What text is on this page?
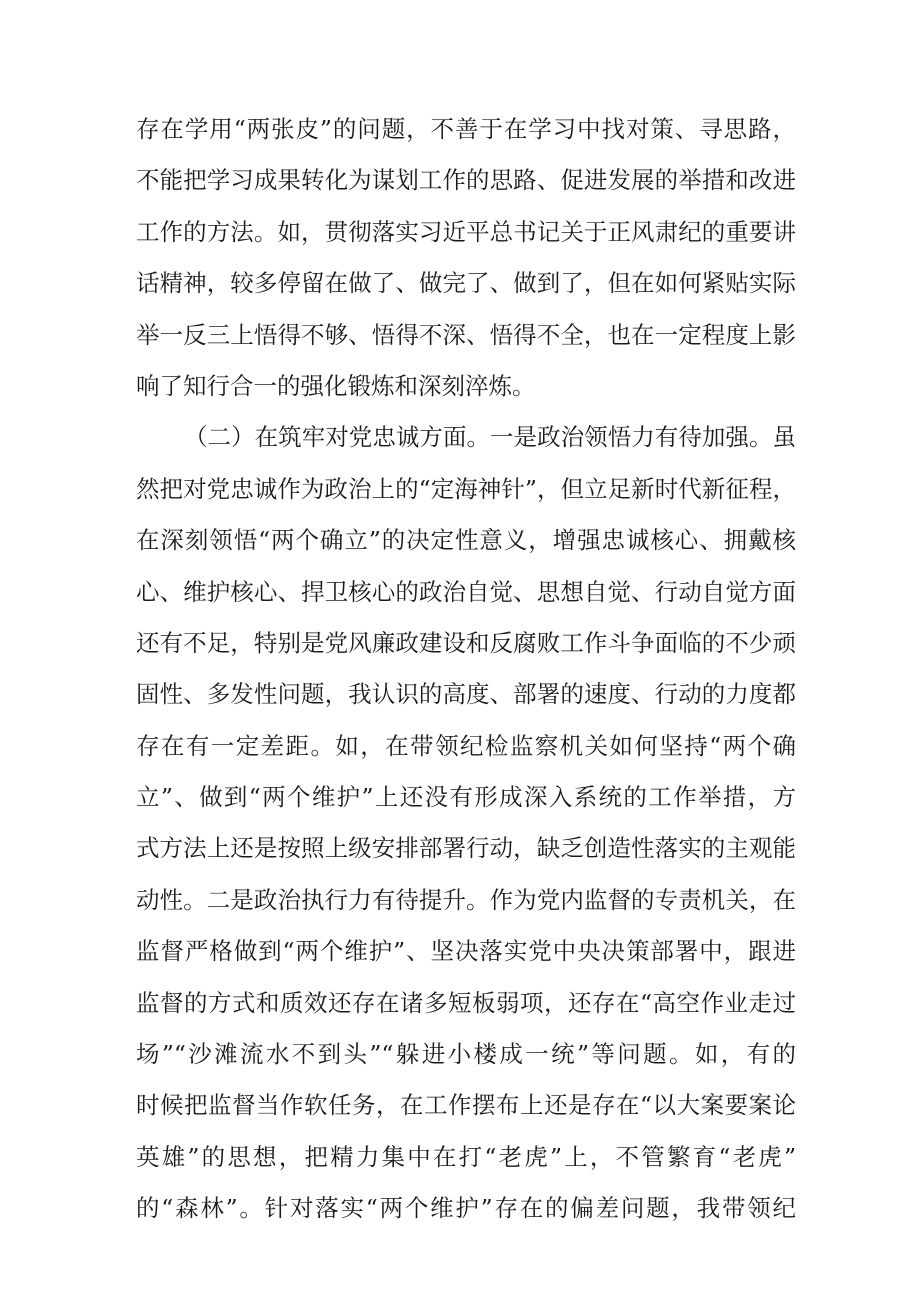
存在学用“两张皮”的问题，不善于在学习中找对策、寻思路，
不能把学习成果转化为谋划工作的思路、促进发展的举措和改进
工作的方法。如，贯彻落实习近平总书记关于正风肃纪的重要讲
话精神，较多停留在做了、做完了、做到了，但在如何紧贴实际
举一反三上悟得不够、悟得不深、悟得不全，也在一定程度上影
响了知行合一的强化锻炼和深刻淬炼。
（二）在筑牢对党忠诚方面。一是政治领悟力有待加强。虽
然把对党忠诚作为政治上的“定海神针”，但立足新时代新征程，
在深刻领悟“两个确立”的决定性意义，增强忠诚核心、拥戴核
心、维护核心、捍卫核心的政治自觉、思想自觉、行动自觉方面
还有不足，特别是党风廉政建设和反腐败工作斗争面临的不少顽
固性、多发性问题，我认识的高度、部署的速度、行动的力度都
存在有一定差距。如，在带领纪检监察机关如何坚持“两个确
立”、做到“两个维护”上还没有形成深入系统的工作举措，方
式方法上还是按照上级安排部署行动，缺乏创造性落实的主观能
动性。二是政治执行力有待提升。作为党内监督的专责机关，在
监督严格做到“两个维护”、坚决落实党中央决策部署中，跟进
监督的方式和质效还存在诸多短板弱项，还存在“高空作业走过
场”“沙滩流水不到头”“躲进小楼成一统”等问题。如，有的
时候把监督当作软任务，在工作摆布上还是存在“以大案要案论
英雄”的思想，把精力集中在打“老虎”上，不管繁育“老虎”
的“森林”。针对落实“两个维护”存在的偏差问题，我带领纪
